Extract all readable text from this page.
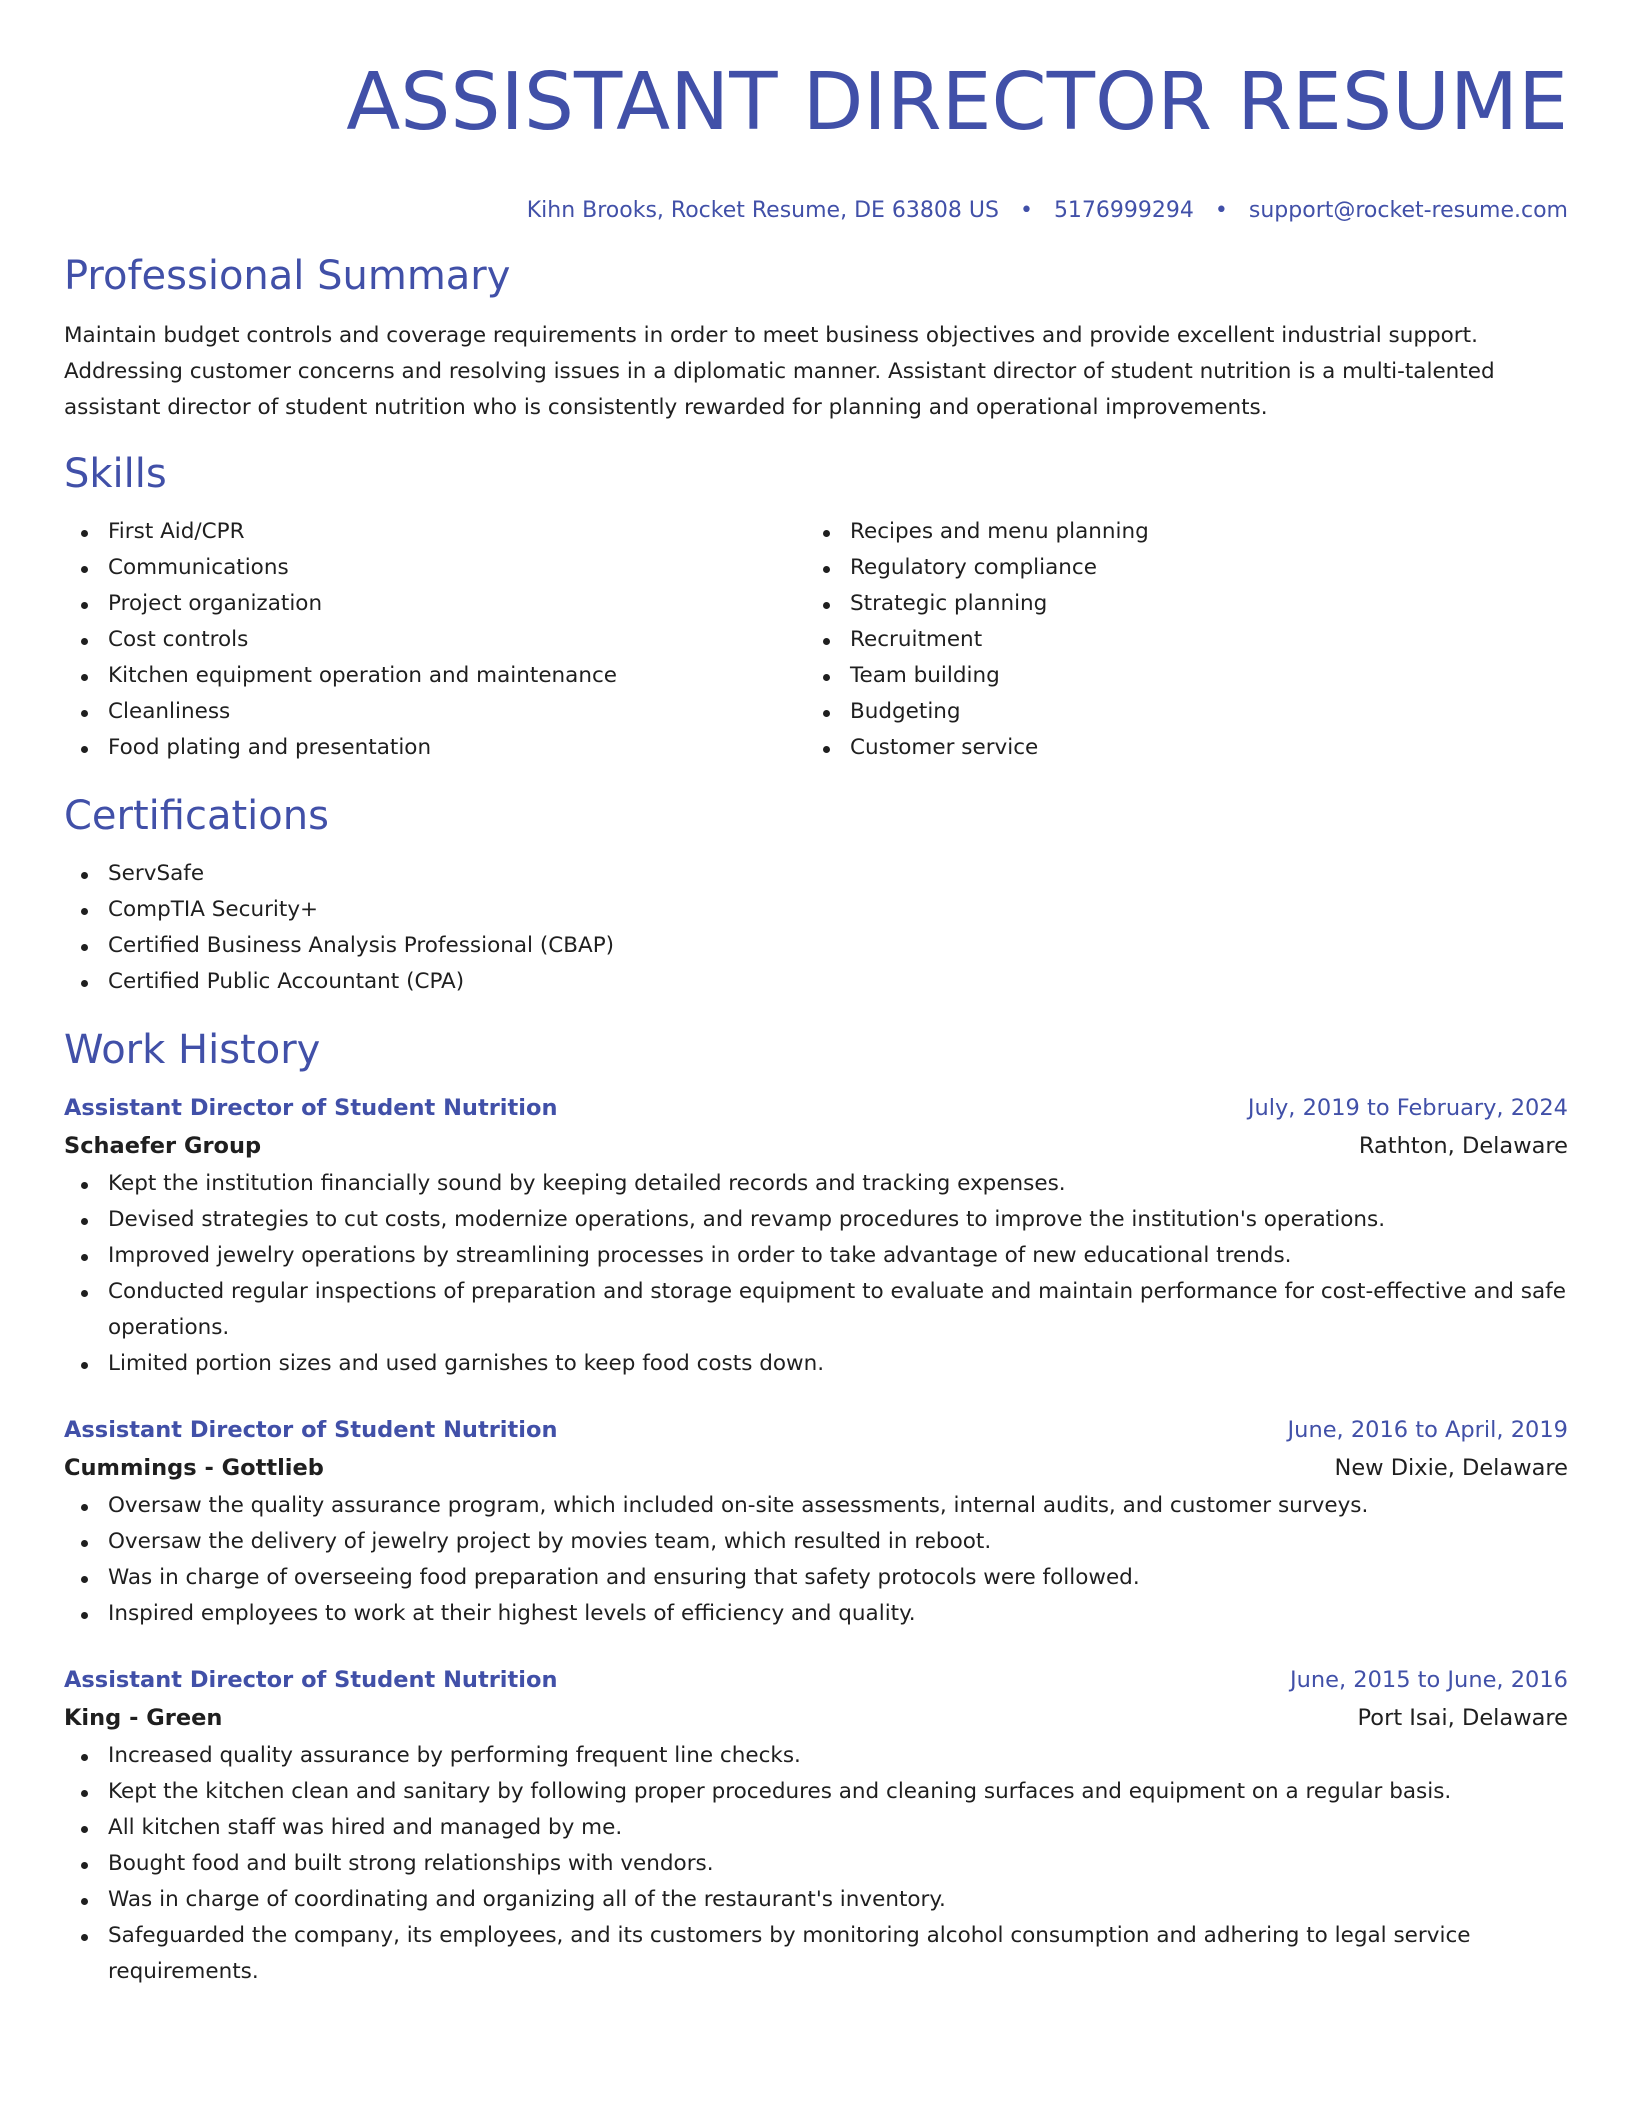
ASSISTANT DIRECTOR RESUME
Kihn Brooks, Rocket Resume, DE 63808 US • 5176999294 • support@rocket-resume.com
Professional Summary

Maintain budget controls and coverage requirements in order to meet business objectives and provide excellent industrial support. Addressing customer concerns and resolving issues in a diplomatic manner. Assistant director of student nutrition is a multi-talented assistant director of student nutrition who is consistently rewarded for planning and operational improvements.

Skills
First Aid/CPR
Communications
Project organization
Cost controls
Kitchen equipment operation and maintenance
Cleanliness
Food plating and presentation
Recipes and menu planning
Regulatory compliance
Strategic planning
Recruitment
Team building
Budgeting
Customer service
Certifications
ServSafe
CompTIA Security+
Certified Business Analysis Professional (CBAP)
Certified Public Accountant (CPA)
Work History
Assistant Director of Student Nutrition	July, 2019 to February, 2024
Schaefer Group	Rathton, Delaware
Kept the institution financially sound by keeping detailed records and tracking expenses.
Devised strategies to cut costs, modernize operations, and revamp procedures to improve the institution's operations.
Improved jewelry operations by streamlining processes in order to take advantage of new educational trends.
Conducted regular inspections of preparation and storage equipment to evaluate and maintain performance for cost-effective and safe operations.
Limited portion sizes and used garnishes to keep food costs down.
Assistant Director of Student Nutrition	June, 2016 to April, 2019
Cummings - Gottlieb	New Dixie, Delaware
Oversaw the quality assurance program, which included on-site assessments, internal audits, and customer surveys.
Oversaw the delivery of jewelry project by movies team, which resulted in reboot.
Was in charge of overseeing food preparation and ensuring that safety protocols were followed.
Inspired employees to work at their highest levels of efficiency and quality.
Assistant Director of Student Nutrition	June, 2015 to June, 2016
King - Green	Port Isai, Delaware
Increased quality assurance by performing frequent line checks.
Kept the kitchen clean and sanitary by following proper procedures and cleaning surfaces and equipment on a regular basis.
All kitchen staff was hired and managed by me.
Bought food and built strong relationships with vendors.
Was in charge of coordinating and organizing all of the restaurant's inventory.
Safeguarded the company, its employees, and its customers by monitoring alcohol consumption and adhering to legal service requirements.
